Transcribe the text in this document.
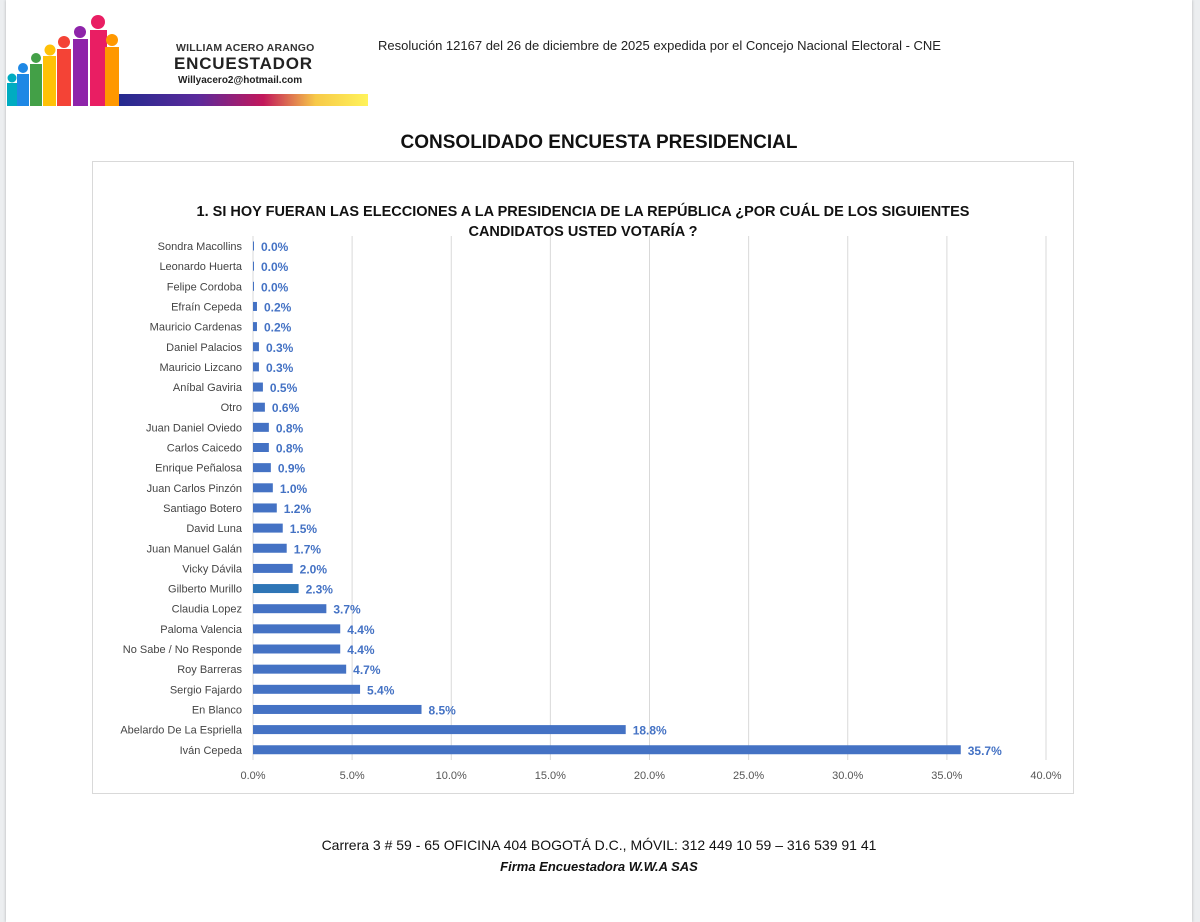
WILLIAM ACERO ARANGO
ENCUESTADOR
Willyacero2@hotmail.com
Resolución 12167 del 26 de diciembre de 2025 expedida por el Concejo Nacional Electoral - CNE
CONSOLIDADO ENCUESTA PRESIDENCIAL
1. SI HOY FUERAN LAS ELECCIONES A LA PRESIDENCIA DE LA REPÚBLICA ¿POR CUÁL DE LOS SIGUIENTES
CANDIDATOS USTED VOTARÍA ?
0.0%	5.0%	10.0%	15.0%	20.0%	25.0%	30.0%	35.0%	40.0%
Sondra Macollins 0.0%
Leonardo Huerta 0.0%
Felipe Cordoba 0.0%
Efraín Cepeda 0.2%
Mauricio Cardenas 0.2%
Daniel Palacios 0.3%
Mauricio Lizcano 0.3%
Aníbal Gaviria 0.5%
Otro 0.6%
Juan Daniel Oviedo	0.8%
Carlos Caicedo	0.8%
Enrique Peñalosa	0.9%
Juan Carlos Pinzón	1.0%
Santiago Botero	1.2%
David Luna	1.5%
Juan Manuel Galán	1.7%
Vicky Dávila	2.0%
Gilberto Murillo	2.3%
Claudia Lopez	3.7%
Paloma Valencia	4.4%
No Sabe / No Responde	4.4%
Roy Barreras	4.7%
Sergio Fajardo	5.4%
En Blanco	8.5%
Abelardo De La Espriella	18.8%
Iván Cepeda	35.7%
Carrera 3 # 59 - 65 OFICINA 404 BOGOTÁ D.C., MÓVIL: 312 449 10 59 – 316 539 91 41
Firma Encuestadora W.W.A SAS
